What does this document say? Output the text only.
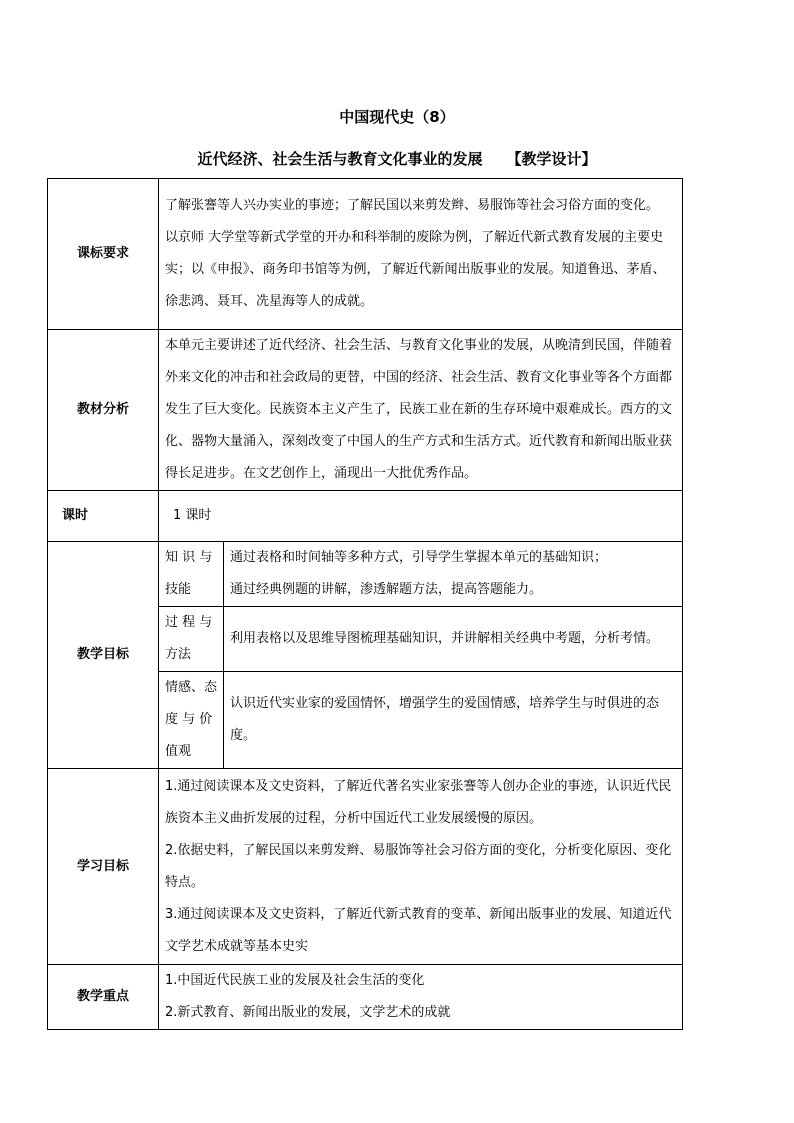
中国现代史（8）
近代经济、社会生活与教育文化事业的发展 【教学设计】
课标要求	了解张謇等人兴办实业的事迹；了解民国以来剪发辫、易服饰等社会习俗方面的变化。
以京师 大学堂等新式学堂的开办和科举制的废除为例，了解近代新式教育发展的主要史实；以《申报》、商务印书馆等为例，了解近代新闻出版事业的发展。知道鲁迅、茅盾、徐悲鸿、聂耳、冼星海等人的成就。	

教材分析	本单元主要讲述了近代经济、社会生活、与教育文化事业的发展，从晚清到民国，伴随着外来文化的冲击和社会政局的更替，中国的经济、社会生活、教育文化事业等各个方面都发生了巨大变化。民族资本主义产生了，民族工业在新的生存环境中艰难成长。西方的文化、器物大量涌入，深刻改变了中国人的生产方式和生活方式。近代教育和新闻出版业获得长足进步。在文艺创作上，涌现出一大批优秀作品。	

课时	1 课时	
教学目标	知 识 与 技能	通过表格和时间轴等多种方式，引导学生掌握本单元的基础知识；
通过经典例题的讲解，渗透解题方法，提高答题能力。

	过 程 与 方法	利用表格以及思维导图梳理基础知识，并讲解相关经典中考题，分析考情。
	情感、态 度 与 价 值观	认识近代实业家的爱国情怀，增强学生的爱国情感，培养学生与时俱进的态度。
学习目标	1.通过阅读课本及文史资料，了解近代著名实业家张謇等人创办企业的事迹，认识近代民族资本主义曲折发展的过程，分析中国近代工业发展缓慢的原因。
2.依据史料，了解民国以来剪发辫、易服饰等社会习俗方面的变化，分析变化原因、变化特点。
3.通过阅读课本及文史资料，了解近代新式教育的变革、新闻出版事业的发展、知道近代文学艺术成就等基本史实	

教学重点	1.中国近代民族工业的发展及社会生活的变化
2.新式教育、新闻出版业的发展，文学艺术的成就	
